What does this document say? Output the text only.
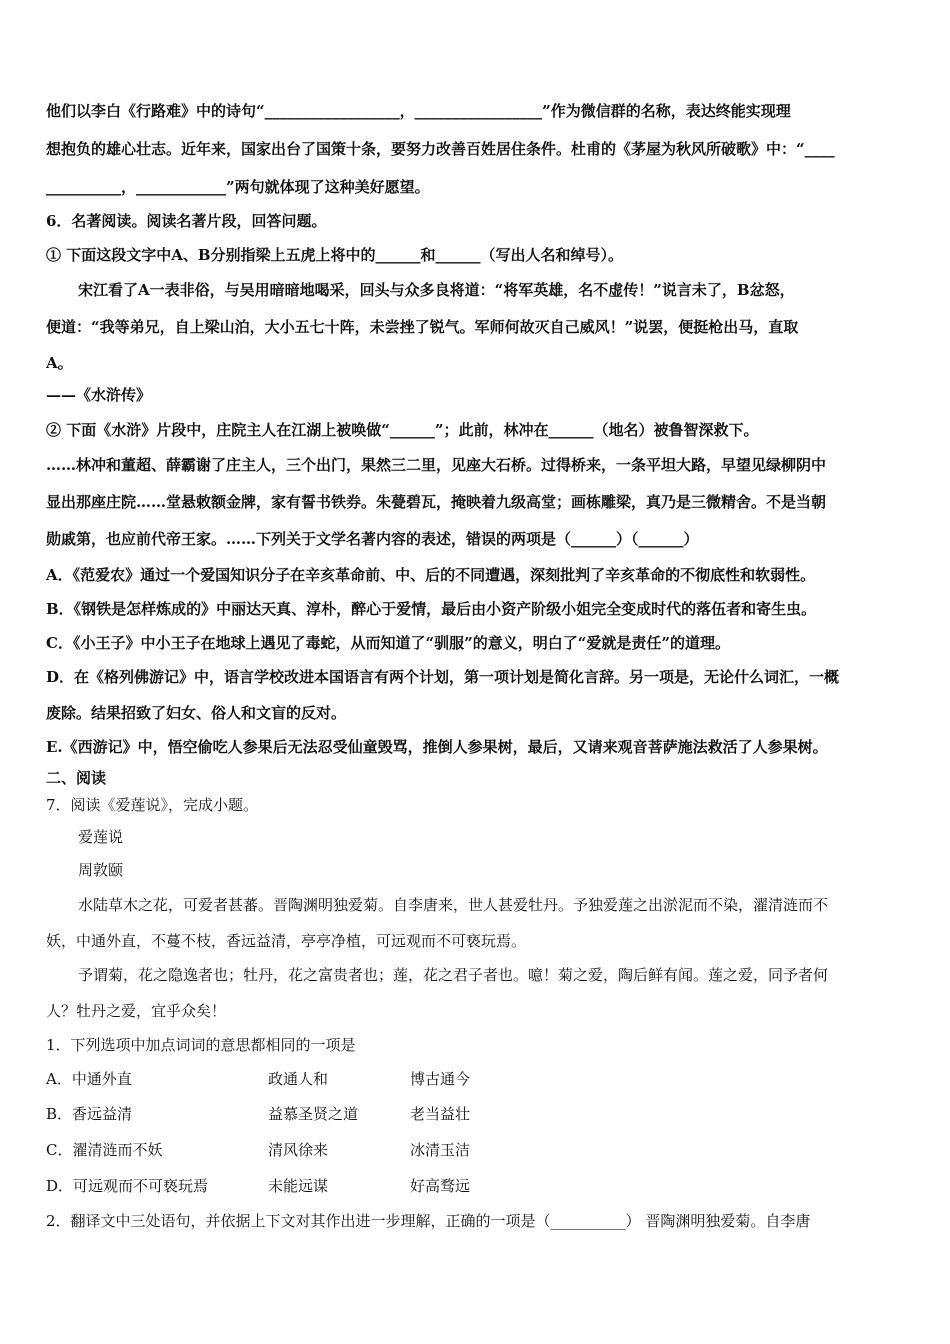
他们以李白《行路难》中的诗句“__________________，_________________”作为微信群的名称，表达终能实现理
想抱负的雄心壮志。近年来，国家出台了国策十条，要努力改善百姓居住条件。杜甫的《茅屋为秋风所破歌》中：“____
__________，____________”两句就体现了这种美好愿望。
6．名著阅读。阅读名著片段，回答问题。
① 下面这段文字中A、B分别指梁上五虎上将中的______和______（写出人名和绰号）。
宋江看了A一表非俗，与吴用暗暗地喝采，回头与众多良将道：“将军英雄，名不虚传！”说言未了，B忿怒，
便道：“我等弟兄，自上梁山泊，大小五七十阵，未尝挫了锐气。军师何故灭自己威风！”说罢，便挺枪出马，直取
A。
——《水浒传》
② 下面《水浒》片段中，庄院主人在江湖上被唤做“______”；此前，林冲在______（地名）被鲁智深救下。
……林冲和董超、薛霸谢了庄主人，三个出门，果然三二里，见座大石桥。过得桥来，一条平坦大路，早望见绿柳阴中
显出那座庄院……堂悬敕额金牌，家有誓书铁券。朱甍碧瓦，掩映着九级高堂；画栋雕梁，真乃是三微精舍。不是当朝
勋戚第，也应前代帝王家。……下列关于文学名著内容的表述，错误的两项是（______）（______）
A．《范爱农》通过一个爱国知识分子在辛亥革命前、中、后的不同遭遇，深刻批判了辛亥革命的不彻底性和软弱性。
B．《钢铁是怎样炼成的》中丽达天真、淳朴，醉心于爱情，最后由小资产阶级小姐完全变成时代的落伍者和寄生虫。
C．《小王子》中小王子在地球上遇见了毒蛇，从而知道了“驯服”的意义，明白了“爱就是责任”的道理。
D．在《格列佛游记》中，语言学校改进本国语言有两个计划，第一项计划是简化言辞。另一项是，无论什么词汇，一概
废除。结果招致了妇女、俗人和文盲的反对。
E.《西游记》中，悟空偷吃人参果后无法忍受仙童毁骂，推倒人参果树，最后，又请来观音菩萨施法救活了人参果树。
二、阅读
7．阅读《爱莲说》，完成小题。
爱莲说
周敦颐
水陆草木之花，可爱者甚蕃。晋陶渊明独爱菊。自李唐来，世人甚爱牡丹。予独爱莲之出淤泥而不染，濯清涟而不
妖，中通外直，不蔓不枝，香远益清，亭亭净植，可远观而不可亵玩焉。
予谓菊，花之隐逸者也；牡丹，花之富贵者也；莲，花之君子者也。噫！菊之爱，陶后鲜有闻。莲之爱，同予者何
人？牡丹之爱，宜乎众矣！
1．下列选项中加点词词的意思都相同的一项是
A．中通外直	政通人和	博古通今
B．香远益清	益慕圣贤之道	老当益壮
C．濯清涟而不妖	清风徐来	冰清玉洁
D．可远观而不可亵玩焉	未能远谋	好高骛远
2．翻译文中三处语句，并依据上下文对其作出进一步理解，正确的一项是（__________） 晋陶渊明独爱菊。自李唐
